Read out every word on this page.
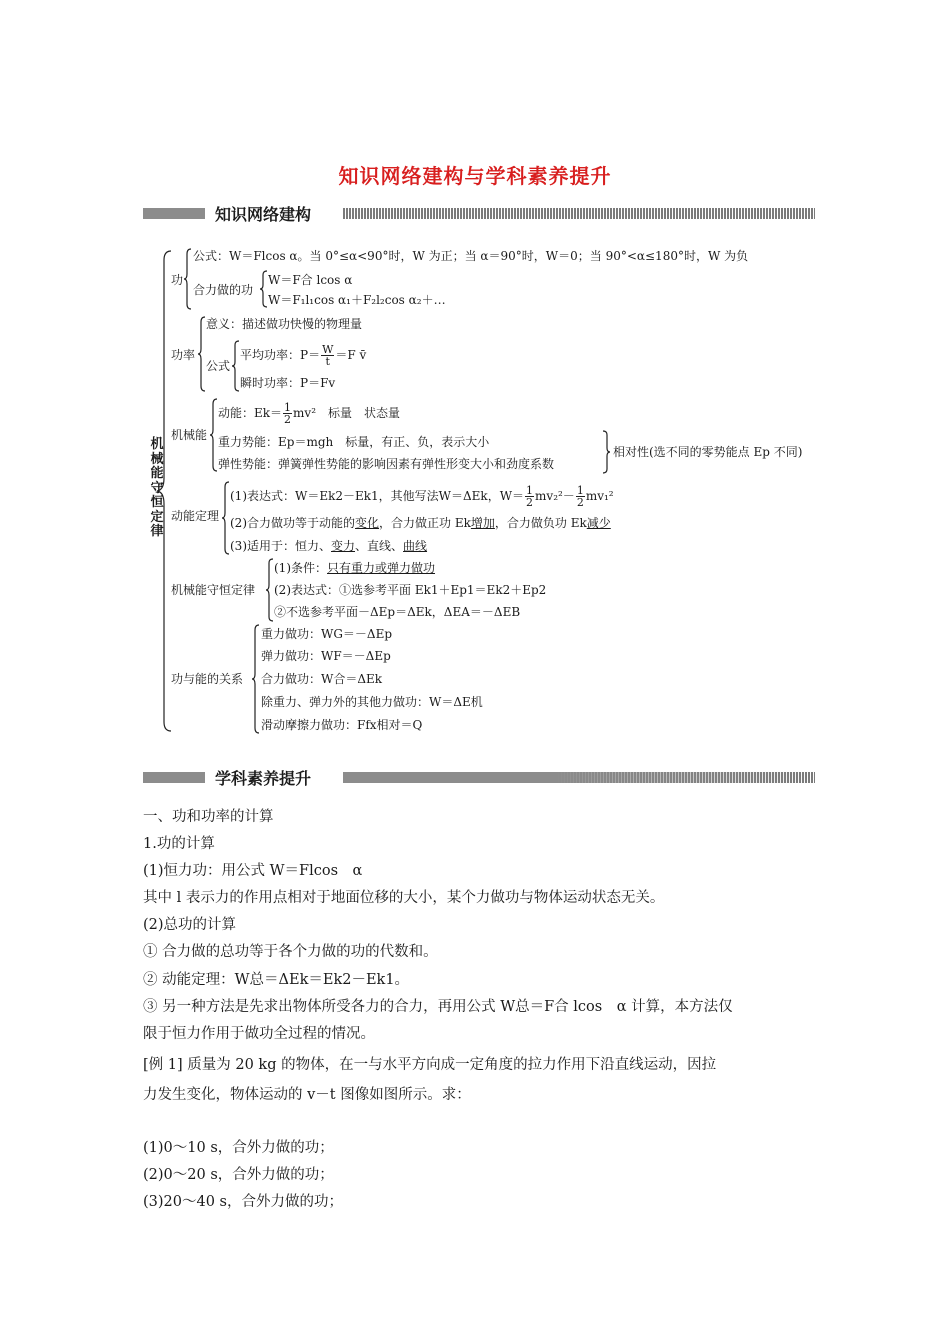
知识网络建构与学科素养提升
知识网络建构
机
械
能
守
恒
定
律
功
公式：W＝Flcos α。当 0°≤α<90°时，W 为正；当 α＝90°时，W＝0；当 90°<α≤180°时，W 为负
合力做的功
W＝F合 lcos α
W＝F₁l₁cos α₁＋F₂l₂cos α₂＋…
功率
意义：描述做功快慢的物理量
公式
平均功率：$P= \frac{W}{t} =F$ v̄
瞬时功率：P＝Fv
机械能
动能：$Ek= \frac{1}{2} mv^2$　标量　状态量
重力势能：Ep＝mgh　标量，有正、负，表示大小
弹性势能：弹簧弹性势能的影响因素有弹性形变大小和劲度系数
相对性(选不同的零势能点 Ep 不同)
动能定理
(1)表达式：W＝Ek2－Ek1，其他写法W＝ΔEk，$W= \frac{1}{2} mv_2^2- \frac{1}{2} mv_1^2$
(2)合力做功等于动能的变化，合力做正功 Ek增加，合力做负功 Ek减少
(3)适用于：恒力、变力、直线、曲线
机械能守恒定律
(1)条件：只有重力或弹力做功
(2)表达式：①选参考平面 Ek1＋Ep1＝Ek2＋Ep2
②不选参考平面－ΔEp＝ΔEk，ΔEA＝－ΔEB
功与能的关系
重力做功：WG＝－ΔEp
弹力做功：WF＝－ΔEp
合力做功：W合＝ΔEk
除重力、弹力外的其他力做功：W＝ΔE机
滑动摩擦力做功：Ffx相对＝Q
学科素养提升
一、功和功率的计算
1.功的计算
(1)恒力功：用公式 W＝Flcos　α
其中 l 表示力的作用点相对于地面位移的大小，某个力做功与物体运动状态无关。
(2)总功的计算
① 合力做的总功等于各个力做的功的代数和。
② 动能定理：W总＝ΔEk＝Ek2－Ek1。
③ 另一种方法是先求出物体所受各力的合力，再用公式 W总＝F合 lcos　α 计算，本方法仅
限于恒力作用于做功全过程的情况。
[例 1] 质量为 20 kg 的物体，在一与水平方向成一定角度的拉力作用下沿直线运动，因拉
力发生变化，物体运动的 v－t 图像如图所示。求：
(1)0～10 s，合外力做的功；
(2)0～20 s，合外力做的功；
(3)20～40 s，合外力做的功；
